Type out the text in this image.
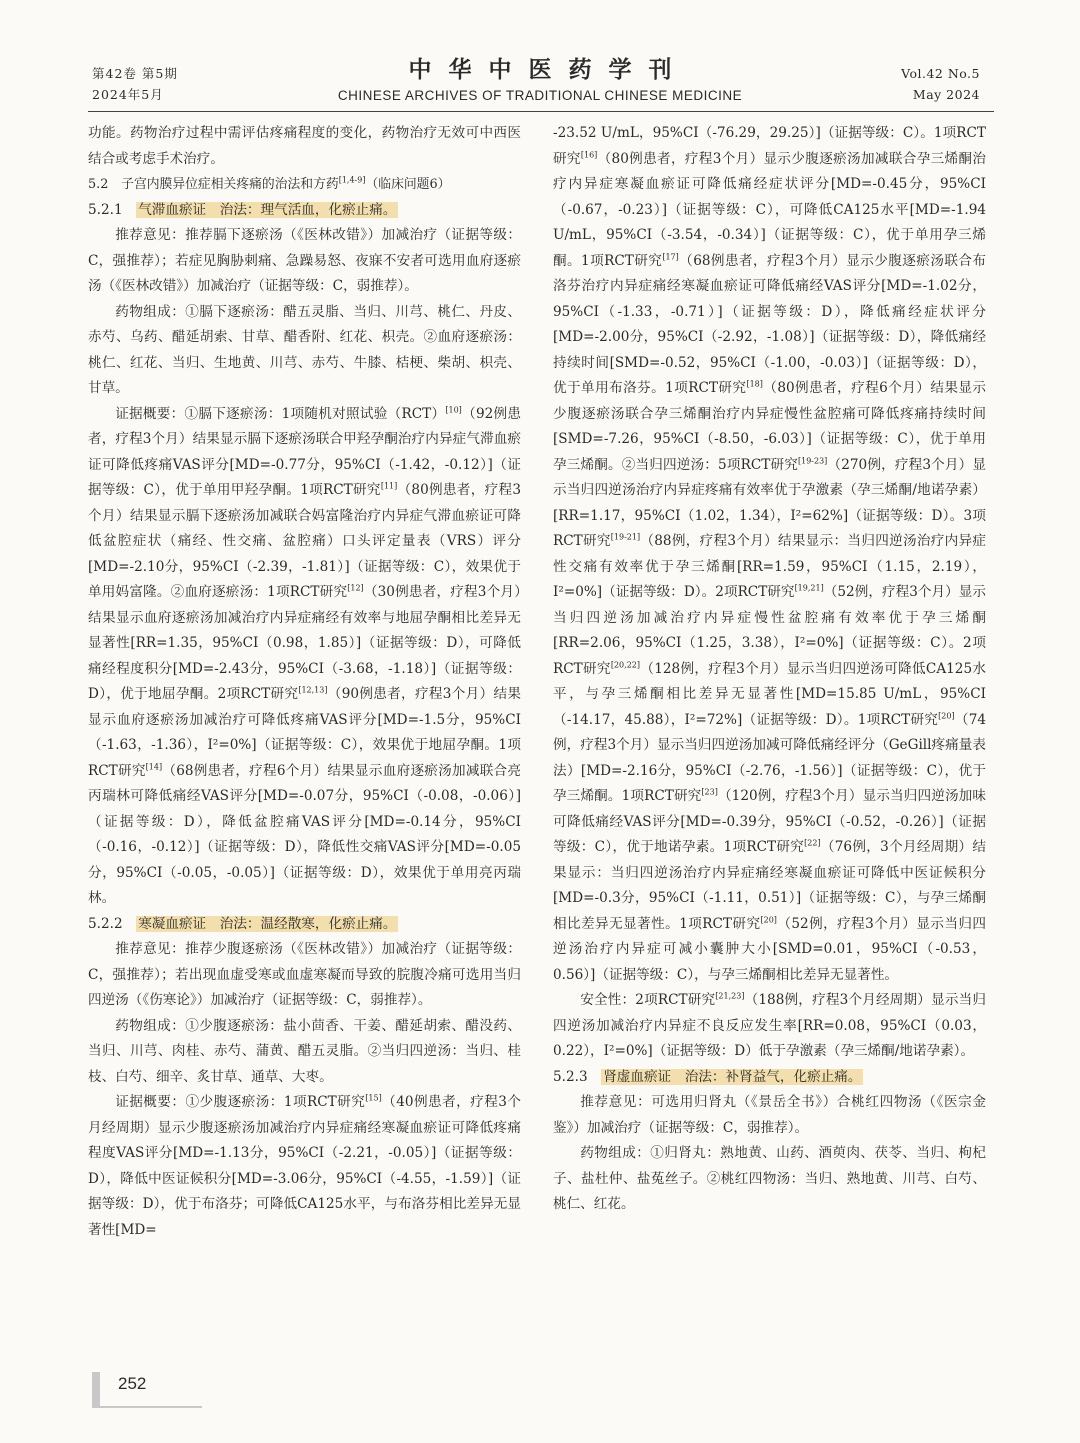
第42卷 第5期
2024年5月
中华中医药学刊
CHINESE ARCHIVES OF TRADITIONAL CHINESE MEDICINE
Vol.42 No.5
May 2024

功能。药物治疗过程中需评估疼痛程度的变化，药物治疗无效可中西医结合或考虑手术治疗。

5.2　子宫内膜异位症相关疼痛的治法和方药[1,4-9]（临床问题6）

5.2.1　气滞血瘀证　治法：理气活血，化瘀止痛。

推荐意见：推荐膈下逐瘀汤（《医林改错》）加减治疗（证据等级：C，强推荐）；若症见胸胁刺痛、急躁易怒、夜寐不安者可选用血府逐瘀汤（《医林改错》）加减治疗（证据等级：C，弱推荐）。

药物组成：①膈下逐瘀汤：醋五灵脂、当归、川芎、桃仁、丹皮、赤芍、乌药、醋延胡索、甘草、醋香附、红花、枳壳。②血府逐瘀汤：桃仁、红花、当归、生地黄、川芎、赤芍、牛膝、桔梗、柴胡、枳壳、甘草。

证据概要：①膈下逐瘀汤：1项随机对照试验（RCT）[10]（92例患者，疗程3个月）结果显示膈下逐瘀汤联合甲羟孕酮治疗内异症气滞血瘀证可降低疼痛VAS评分[MD=-0.77分，95%CI（-1.42，-0.12）]（证据等级：C），优于单用甲羟孕酮。1项RCT研究[11]（80例患者，疗程3个月）结果显示膈下逐瘀汤加减联合妈富隆治疗内异症气滞血瘀证可降低盆腔症状（痛经、性交痛、盆腔痛）口头评定量表（VRS）评分[MD=-2.10分，95%CI（-2.39，-1.81）]（证据等级：C），效果优于单用妈富隆。②血府逐瘀汤：1项RCT研究[12]（30例患者，疗程3个月）结果显示血府逐瘀汤加减治疗内异症痛经有效率与地屈孕酮相比差异无显著性[RR=1.35，95%CI（0.98，1.85）]（证据等级：D），可降低痛经程度积分[MD=-2.43分，95%CI（-3.68，-1.18）]（证据等级：D），优于地屈孕酮。2项RCT研究[12,13]（90例患者，疗程3个月）结果显示血府逐瘀汤加减治疗可降低疼痛VAS评分[MD=-1.5分，95%CI（-1.63，-1.36），I²=0%]（证据等级：C），效果优于地屈孕酮。1项RCT研究[14]（68例患者，疗程6个月）结果显示血府逐瘀汤加减联合亮丙瑞林可降低痛经VAS评分[MD=-0.07分，95%CI（-0.08，-0.06）]（证据等级：D），降低盆腔痛VAS评分[MD=-0.14分，95%CI（-0.16，-0.12）]（证据等级：D），降低性交痛VAS评分[MD=-0.05分，95%CI（-0.05，-0.05）]（证据等级：D），效果优于单用亮丙瑞林。

5.2.2　寒凝血瘀证　治法：温经散寒，化瘀止痛。

推荐意见：推荐少腹逐瘀汤（《医林改错》）加减治疗（证据等级：C，强推荐）；若出现血虚受寒或血虚寒凝而导致的脘腹冷痛可选用当归四逆汤（《伤寒论》）加减治疗（证据等级：C，弱推荐）。

药物组成：①少腹逐瘀汤：盐小茴香、干姜、醋延胡索、醋没药、当归、川芎、肉桂、赤芍、蒲黄、醋五灵脂。②当归四逆汤：当归、桂枝、白芍、细辛、炙甘草、通草、大枣。

证据概要：①少腹逐瘀汤：1项RCT研究[15]（40例患者，疗程3个月经周期）显示少腹逐瘀汤加减治疗内异症痛经寒凝血瘀证可降低疼痛程度VAS评分[MD=-1.13分，95%CI（-2.21，-0.05）]（证据等级：D），降低中医证候积分[MD=-3.06分，95%CI（-4.55，-1.59）]（证据等级：D），优于布洛芬；可降低CA125水平，与布洛芬相比差异无显著性[MD=

-23.52 U/mL，95%CI（-76.29，29.25）]（证据等级：C）。1项RCT研究[16]（80例患者，疗程3个月）显示少腹逐瘀汤加减联合孕三烯酮治疗内异症寒凝血瘀证可降低痛经症状评分[MD=-0.45分，95%CI（-0.67，-0.23）]（证据等级：C），可降低CA125水平[MD=-1.94 U/mL，95%CI（-3.54，-0.34）]（证据等级：C），优于单用孕三烯酮。1项RCT研究[17]（68例患者，疗程3个月）显示少腹逐瘀汤联合布洛芬治疗内异症痛经寒凝血瘀证可降低痛经VAS评分[MD=-1.02分，95%CI（-1.33，-0.71）]（证据等级：D），降低痛经症状评分[MD=-2.00分，95%CI（-2.92，-1.08）]（证据等级：D），降低痛经持续时间[SMD=-0.52，95%CI（-1.00，-0.03）]（证据等级：D），优于单用布洛芬。1项RCT研究[18]（80例患者，疗程6个月）结果显示少腹逐瘀汤联合孕三烯酮治疗内异症慢性盆腔痛可降低疼痛持续时间[SMD=-7.26，95%CI（-8.50，-6.03）]（证据等级：C），优于单用孕三烯酮。②当归四逆汤：5项RCT研究[19-23]（270例，疗程3个月）显示当归四逆汤治疗内异症疼痛有效率优于孕激素（孕三烯酮/地诺孕素）[RR=1.17，95%CI（1.02，1.34），I²=62%]（证据等级：D）。3项RCT研究[19-21]（88例，疗程3个月）结果显示：当归四逆汤治疗内异症性交痛有效率优于孕三烯酮[RR=1.59，95%CI（1.15，2.19），I²=0%]（证据等级：D）。2项RCT研究[19,21]（52例，疗程3个月）显示当归四逆汤加减治疗内异症慢性盆腔痛有效率优于孕三烯酮[RR=2.06，95%CI（1.25，3.38），I²=0%]（证据等级：C）。2项RCT研究[20,22]（128例，疗程3个月）显示当归四逆汤可降低CA125水平，与孕三烯酮相比差异无显著性[MD=15.85 U/mL，95%CI（-14.17，45.88），I²=72%]（证据等级：D）。1项RCT研究[20]（74例，疗程3个月）显示当归四逆汤加减可降低痛经评分（GeGill疼痛量表法）[MD=-2.16分，95%CI（-2.76，-1.56）]（证据等级：C），优于孕三烯酮。1项RCT研究[23]（120例，疗程3个月）显示当归四逆汤加味可降低痛经VAS评分[MD=-0.39分，95%CI（-0.52，-0.26）]（证据等级：C），优于地诺孕素。1项RCT研究[22]（76例，3个月经周期）结果显示：当归四逆汤治疗内异症痛经寒凝血瘀证可降低中医证候积分[MD=-0.3分，95%CI（-1.11，0.51）]（证据等级：C），与孕三烯酮相比差异无显著性。1项RCT研究[20]（52例，疗程3个月）显示当归四逆汤治疗内异症可减小囊肿大小[SMD=0.01，95%CI（-0.53，0.56）]（证据等级：C），与孕三烯酮相比差异无显著性。

安全性：2项RCT研究[21,23]（188例，疗程3个月经周期）显示当归四逆汤加减治疗内异症不良反应发生率[RR=0.08，95%CI（0.03，0.22），I²=0%]（证据等级：D）低于孕激素（孕三烯酮/地诺孕素）。

5.2.3　肾虚血瘀证　治法：补肾益气，化瘀止痛。

推荐意见：可选用归肾丸（《景岳全书》）合桃红四物汤（《医宗金鉴》）加减治疗（证据等级：C，弱推荐）。

药物组成：①归肾丸：熟地黄、山药、酒萸肉、茯苓、当归、枸杞子、盐杜仲、盐菟丝子。②桃红四物汤：当归、熟地黄、川芎、白芍、桃仁、红花。

252
